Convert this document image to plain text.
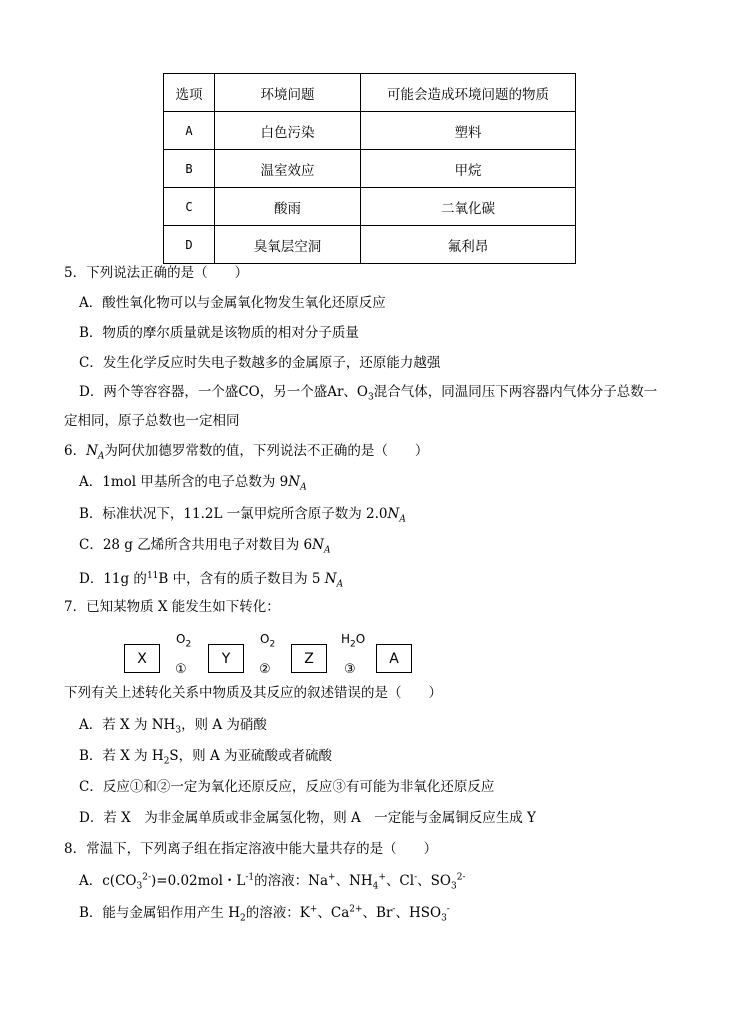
选项	环境问题	可能会造成环境问题的物质
A	白色污染	塑料
B	温室效应	甲烷
C	酸雨	二氧化碳
D	臭氧层空洞	氟利昂
5．下列说法正确的是（　　）
A．酸性氧化物可以与金属氧化物发生氧化还原反应
B．物质的摩尔质量就是该物质的相对分子质量
C．发生化学反应时失电子数越多的金属原子，还原能力越强
D．两个等容容器，一个盛CO，另一个盛Ar、$O_3$混合气体，同温同压下两容器内气体分子总数一
定相同，原子总数也一定相同
6．$N_A$为阿伏加德罗常数的值，下列说法不正确的是（　　）
A．1mol 甲基所含的电子总数为 $9N_A$
B．标准状况下，11.2L 一氯甲烷所含原子数为 $2.0N_A$
C．28 g 乙烯所含共用电子对数目为 $6N_A$
D．11g 的$^{11}$B 中，含有的质子数目为 5 $N_A$
7．已知某物质 X 能发生如下转化：
X
$O_2$
①
Y
$O_2$
②
Z
$H_2O$
③
A
下列有关上述转化关系中物质及其反应的叙述错误的是（　　）
A．若 X 为 $NH_3$，则 A 为硝酸
B．若 X 为 $H_2S$，则 A 为亚硫酸或者硫酸
C．反应①和②一定为氧化还原反应，反应③有可能为非氧化还原反应
D．若 X　为非金属单质或非金属氢化物，则 A　一定能与金属铜反应生成 Y
8．常温下，下列离子组在指定溶液中能大量共存的是（　　）
A．$c(CO_3^{2-})=0.02mol$・$L^{-1}$的溶液：Na+、$NH_4^+$、Cl-、$SO_3^{2-}$
B．能与金属铝作用产生 $H_2$的溶液：K+、$Ca^{2+}$、Br-、$HSO_3^-$
